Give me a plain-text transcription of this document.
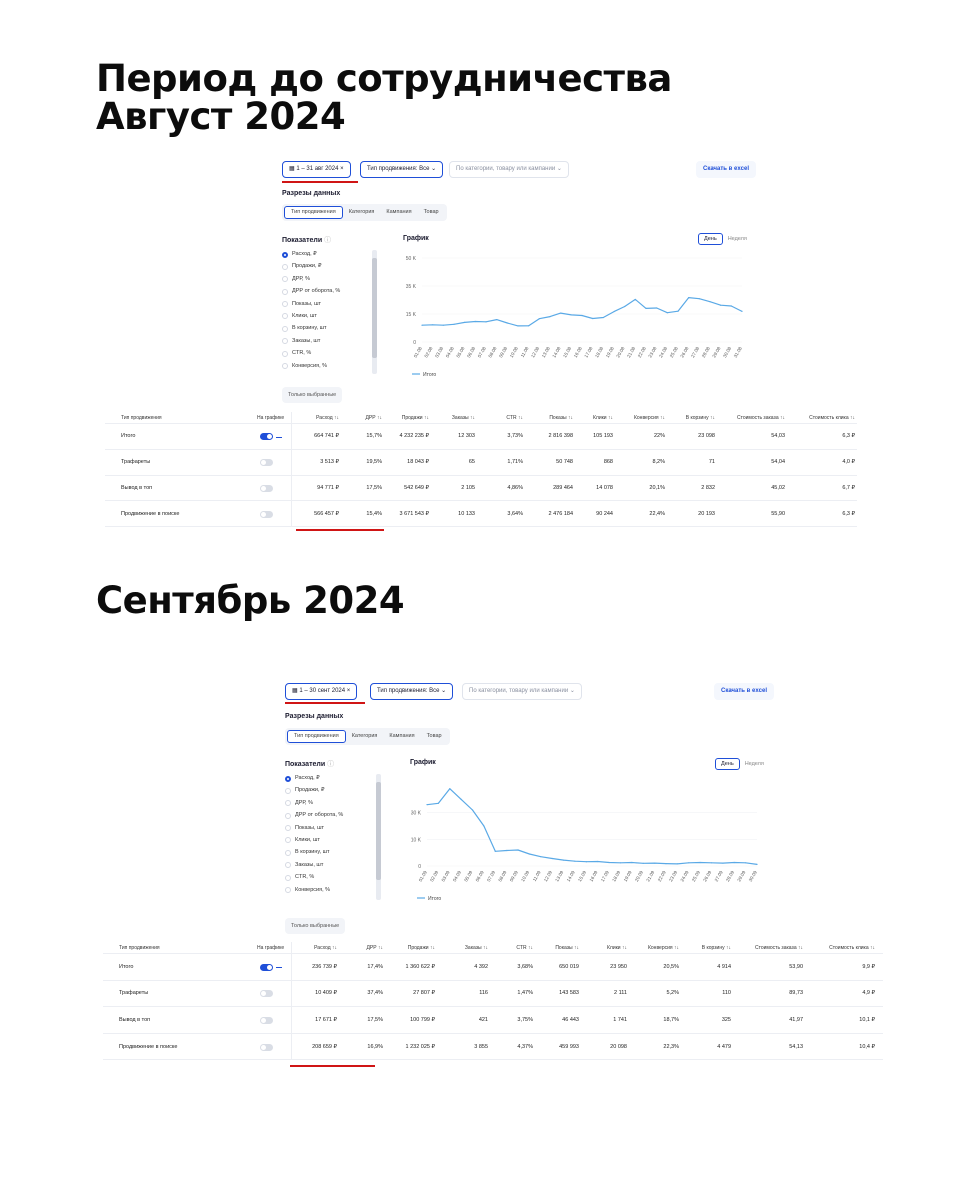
Период до сотрудничества
Август 2024
Сентябрь 2024
▦ 1 – 31 авг 2024 ×	Тип продвижения: Все ⌄	По категории, товару или кампании ⌄	Скачать в excel
Разрезы данных
Тип продвижения	Категория	Кампания	Товар
Показатели ⓘ
Расход, ₽
Продажи, ₽
ДРР, %
ДРР от оборота, %
Показы, шт
Клики, шт
В корзину, шт
Заказы, шт
CTR, %
Конверсия, %
Только выбранные
График	День	Неделя
0
15 K
35 K
50 K
01.08 02.08 03.08 04.08 05.08 06.08 07.08 08.08 09.08 10.08 11.08 12.08 13.08 14.08 15.08 16.08 17.08 18.08 19.08 20.08 21.08 22.08 23.08 24.08 25.08 26.08 27.08 28.08 29.08 30.08 31.08
Итого
Тип продвижения	На графике	Расход ↑↓	ДРР ↑↓	Продажи ↑↓	Заказы ↑↓	CTR ↑↓	Показы ↑↓	Клики ↑↓	Конверсия ↑↓	В корзину ↑↓	Стоимость заказа ↑↓	Стоимость клика ↑↓
Итого	664 741 ₽	15,7%	4 232 235 ₽	12 303	3,73%	2 816 398	105 193	22%	23 098	54,03	6,3 ₽
Трафареты	3 513 ₽	19,5%	18 043 ₽	65	1,71%	50 748	868	8,2%	71	54,04	4,0 ₽
Вывод в топ	94 771 ₽	17,5%	542 649 ₽	2 105	4,86%	289 464	14 078	20,1%	2 832	45,02	6,7 ₽
Продвижение в поиске	566 457 ₽	15,4%	3 671 543 ₽	10 133	3,64%	2 476 184	90 244	22,4%	20 193	55,90	6,3 ₽
▦ 1 – 30 сент 2024 ×	Тип продвижения: Все ⌄	По категории, товару или кампании ⌄	Скачать в excel
Разрезы данных
Тип продвижения	Категория	Кампания	Товар
Показатели ⓘ
Расход, ₽
Продажи, ₽
ДРР, %
ДРР от оборота, %
Показы, шт
Клики, шт
В корзину, шт
Заказы, шт
CTR, %
Конверсия, %
Только выбранные
График	День	Неделя
0
10 K
30 K
01.09 02.09 03.09 04.09 05.09 06.09 07.09 08.09 09.09 10.09 11.09 12.09 13.09 14.09 15.09 16.09 17.09 18.09 19.09 20.09 21.09 22.09 23.09 24.09 25.09 26.09 27.09 28.09 29.09 30.09
Итого
Тип продвижения	На графике	Расход ↑↓	ДРР ↑↓	Продажи ↑↓	Заказы ↑↓	CTR ↑↓	Показы ↑↓	Клики ↑↓	Конверсия ↑↓	В корзину ↑↓	Стоимость заказа ↑↓	Стоимость клика ↑↓
Итого	236 739 ₽	17,4%	1 360 622 ₽	4 392	3,68%	650 019	23 950	20,5%	4 914	53,90	9,9 ₽
Трафареты	10 409 ₽	37,4%	27 807 ₽	116	1,47%	143 583	2 111	5,2%	110	89,73	4,9 ₽
Вывод в топ	17 671 ₽	17,5%	100 799 ₽	421	3,75%	46 443	1 741	18,7%	325	41,97	10,1 ₽
Продвижение в поиске	208 659 ₽	16,9%	1 232 025 ₽	3 855	4,37%	459 993	20 098	22,3%	4 479	54,13	10,4 ₽
